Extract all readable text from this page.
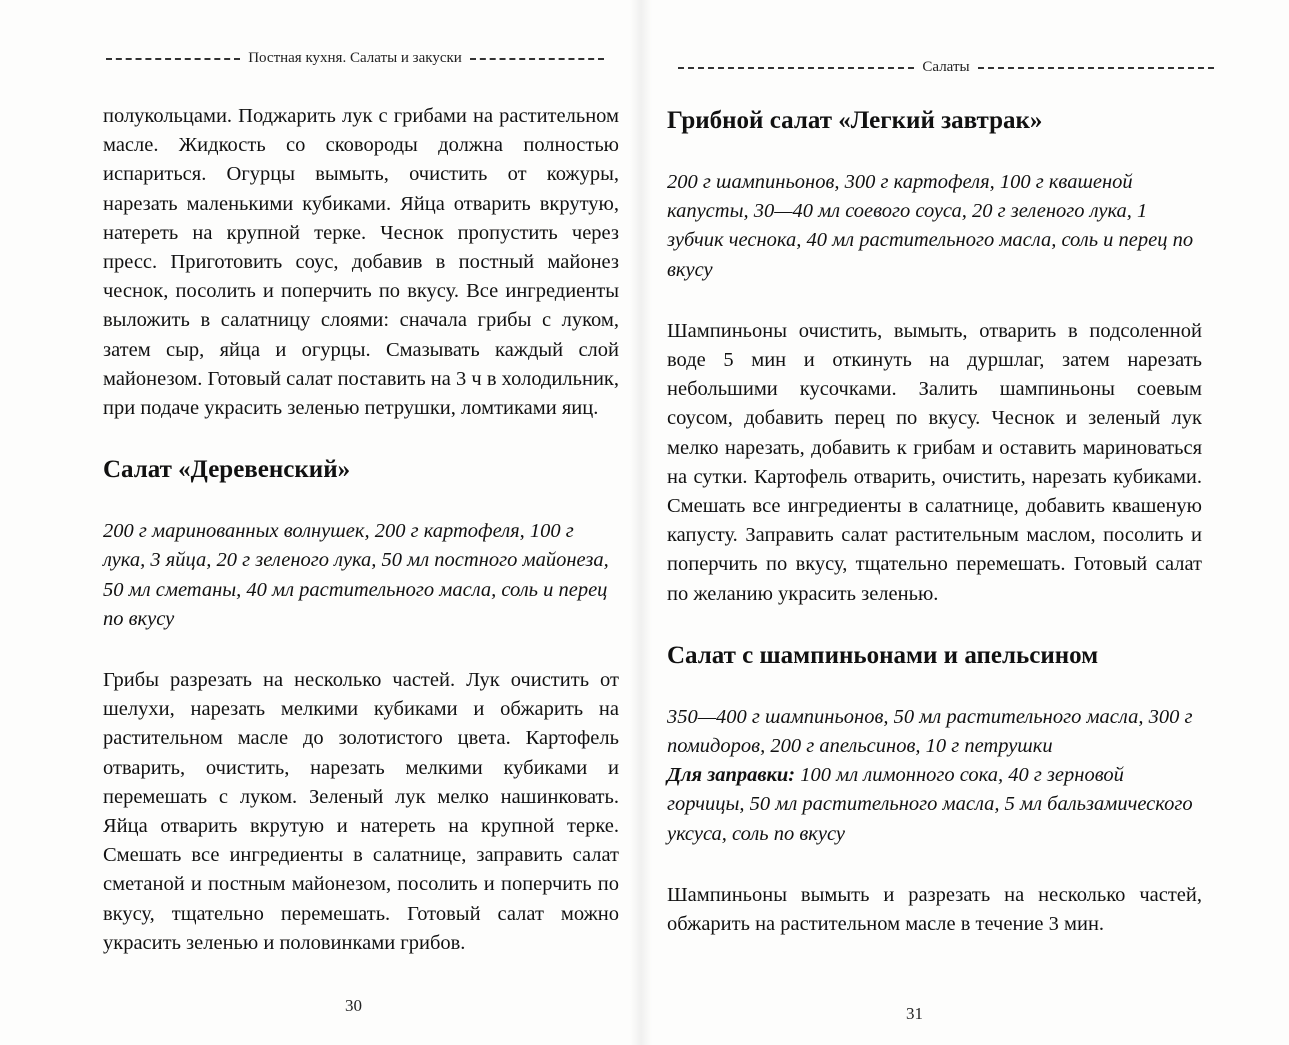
Постная кухня. Салаты и закуски

полукольцами. Поджарить лук с грибами на растительном масле. Жидкость со сковороды должна полностью испариться. Огурцы вымыть, очистить от кожуры, нарезать маленькими кубиками. Яйца отварить вкрутую, натереть на крупной терке. Чеснок пропустить через пресс. Приготовить соус, добавив в постный майонез чеснок, посолить и поперчить по вкусу. Все ингредиенты выложить в салатницу слоями: сначала грибы с луком, затем сыр, яйца и огурцы. Смазывать каждый слой майонезом. Готовый салат поставить на 3 ч в холодильник, при подаче украсить зеленью петрушки, ломтиками яиц.

Салат «Деревенский»

200 г маринованных волнушек, 200 г картофеля, 100 г лука, 3 яйца, 20 г зеленого лука, 50 мл постного майонеза, 50 мл сметаны, 40 мл растительного масла, соль и перец по вкусу

Грибы разрезать на несколько частей. Лук очистить от шелухи, нарезать мелкими кубиками и обжарить на растительном масле до золотистого цвета. Картофель отварить, очистить, нарезать мелкими кубиками и перемешать с луком. Зеленый лук мелко нашинковать. Яйца отварить вкрутую и натереть на крупной терке. Смешать все ингредиенты в салатнице, заправить салат сметаной и постным майонезом, посолить и поперчить по вкусу, тщательно перемешать. Готовый салат можно украсить зеленью и половинками грибов.

30
Салаты
Грибной салат «Легкий завтрак»

200 г шампиньонов, 300 г картофеля, 100 г квашеной капусты, 30—40 мл соевого соуса, 20 г зеленого лука, 1 зубчик чеснока, 40 мл растительного масла, соль и перец по вкусу

Шампиньоны очистить, вымыть, отварить в подсоленной воде 5 мин и откинуть на дуршлаг, затем нарезать небольшими кусочками. Залить шампиньоны соевым соусом, добавить перец по вкусу. Чеснок и зеленый лук мелко нарезать, добавить к грибам и оставить мариноваться на сутки. Картофель отварить, очистить, нарезать кубиками. Смешать все ингредиенты в салатнице, добавить квашеную капусту. Заправить салат растительным маслом, посолить и поперчить по вкусу, тщательно перемешать. Готовый салат по желанию украсить зеленью.

Салат с шампиньонами и апельсином

350—400 г шампиньонов, 50 мл растительного масла, 300 г помидоров, 200 г апельсинов, 10 г петрушки
Для заправки: 100 мл лимонного сока, 40 г зерновой горчицы, 50 мл растительного масла, 5 мл бальзамического уксуса, соль по вкусу

Шампиньоны вымыть и разрезать на несколько частей, обжарить на растительном масле в течение 3 мин.

31
